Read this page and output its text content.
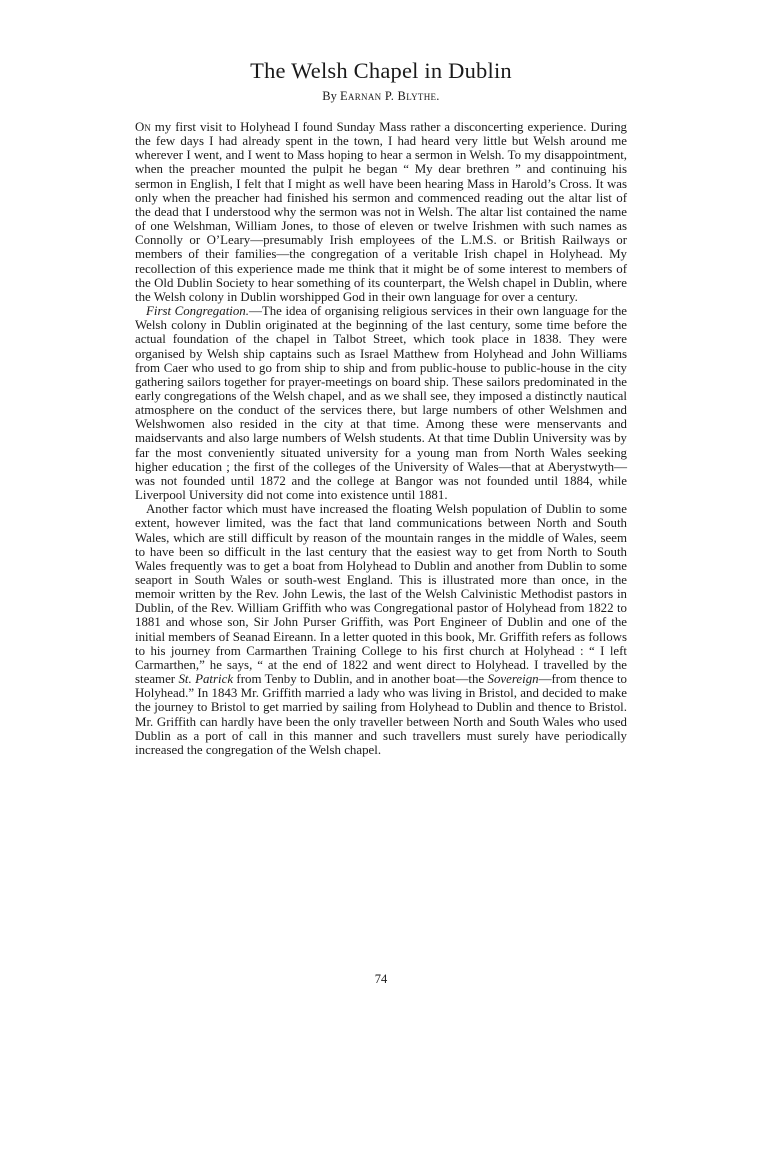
The Welsh Chapel in Dublin
By Earnan P. Blythe.

On my first visit to Holyhead I found Sunday Mass rather a disconcerting experience. During the few days I had already spent in the town, I had heard very little but Welsh around me wherever I went, and I went to Mass hoping to hear a sermon in Welsh. To my disappointment, when the preacher mounted the pulpit he began “ My dear brethren ” and continuing his sermon in English, I felt that I might as well have been hearing Mass in Harold’s Cross. It was only when the preacher had finished his sermon and commenced reading out the altar list of the dead that I understood why the sermon was not in Welsh. The altar list contained the name of one Welshman, William Jones, to those of eleven or twelve Irishmen with such names as Connolly or O’Leary—presumably Irish employees of the L.M.S. or British Railways or members of their families—the congregation of a veritable Irish chapel in Holyhead. My recollection of this experience made me think that it might be of some interest to members of the Old Dublin Society to hear something of its counterpart, the Welsh chapel in Dublin, where the Welsh colony in Dublin worshipped God in their own language for over a century.

First Congregation.—The idea of organising religious services in their own language for the Welsh colony in Dublin originated at the beginning of the last century, some time before the actual foundation of the chapel in Talbot Street, which took place in 1838. They were organised by Welsh ship captains such as Israel Matthew from Holyhead and John Williams from Caer who used to go from ship to ship and from public-house to public-house in the city gathering sailors together for prayer-meetings on board ship. These sailors predominated in the early congregations of the Welsh chapel, and as we shall see, they imposed a distinctly nautical atmosphere on the conduct of the services there, but large numbers of other Welshmen and Welshwomen also resided in the city at that time. Among these were menservants and maidservants and also large numbers of Welsh students. At that time Dublin University was by far the most conveniently situated university for a young man from North Wales seeking higher education ; the first of the colleges of the University of Wales—that at Aberystwyth—was not founded until 1872 and the college at Bangor was not founded until 1884, while Liverpool University did not come into existence until 1881.

Another factor which must have increased the floating Welsh population of Dublin to some extent, however limited, was the fact that land communications between North and South Wales, which are still difficult by reason of the mountain ranges in the middle of Wales, seem to have been so difficult in the last century that the easiest way to get from North to South Wales frequently was to get a boat from Holyhead to Dublin and another from Dublin to some seaport in South Wales or south-west England. This is illustrated more than once, in the memoir written by the Rev. John Lewis, the last of the Welsh Calvinistic Methodist pastors in Dublin, of the Rev. William Griffith who was Congregational pastor of Holyhead from 1822 to 1881 and whose son, Sir John Purser Griffith, was Port Engineer of Dublin and one of the initial members of Seanad Eireann. In a letter quoted in this book, Mr. Griffith refers as follows to his journey from Carmarthen Training College to his first church at Holyhead : “ I left Carmarthen,” he says, “ at the end of 1822 and went direct to Holyhead. I travelled by the steamer St. Patrick from Tenby to Dublin, and in another boat—the Sovereign—from thence to Holyhead.” In 1843 Mr. Griffith married a lady who was living in Bristol, and decided to make the journey to Bristol to get married by sailing from Holyhead to Dublin and thence to Bristol. Mr. Griffith can hardly have been the only traveller between North and South Wales who used Dublin as a port of call in this manner and such travellers must surely have periodically increased the congregation of the Welsh chapel.

74
